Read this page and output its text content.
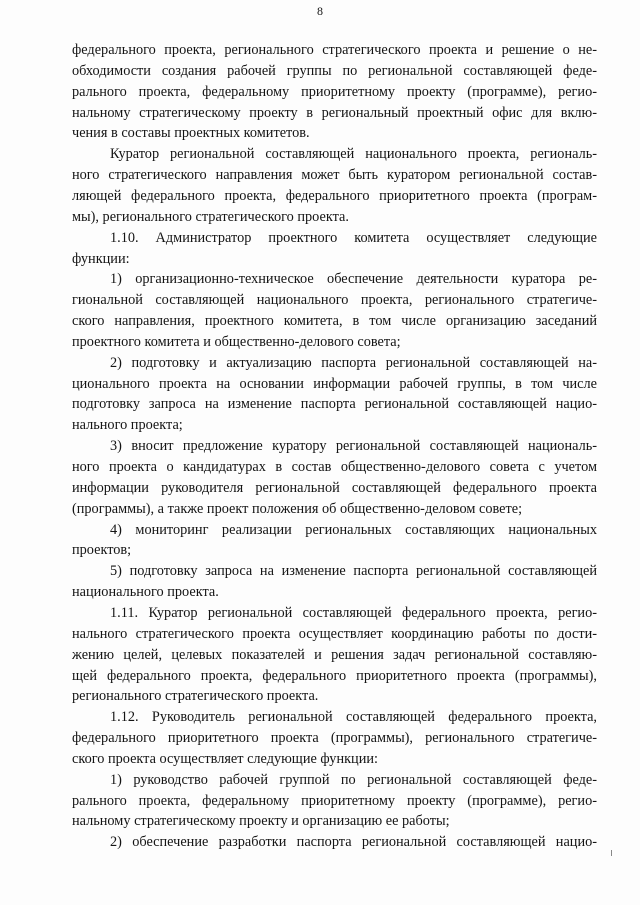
8
федерального проекта, регионального стратегического проекта и решение о не-
обходимости создания рабочей группы по региональной составляющей феде-
рального проекта, федеральному приоритетному проекту (программе), регио-
нальному стратегическому проекту в региональный проектный офис для вклю-
чения в составы проектных комитетов.
Куратор региональной составляющей национального проекта, региональ-
ного стратегического направления может быть куратором региональной состав-
ляющей федерального проекта, федерального приоритетного проекта (програм-
мы), регионального стратегического проекта.
1.10. Администратор проектного комитета осуществляет следующие
функции:
1) организационно-техническое обеспечение деятельности куратора ре-
гиональной составляющей национального проекта, регионального стратегиче-
ского направления, проектного комитета, в том числе организацию заседаний
проектного комитета и общественно-делового совета;
2) подготовку и актуализацию паспорта региональной составляющей на-
ционального проекта на основании информации рабочей группы, в том числе
подготовку запроса на изменение паспорта региональной составляющей нацио-
нального проекта;
3) вносит предложение куратору региональной составляющей националь-
ного проекта о кандидатурах в состав общественно-делового совета с учетом
информации руководителя региональной составляющей федерального проекта
(программы), а также проект положения об общественно-деловом совете;
4) мониторинг реализации региональных составляющих национальных
проектов;
5) подготовку запроса на изменение паспорта региональной составляющей
национального проекта.
1.11. Куратор региональной составляющей федерального проекта, регио-
нального стратегического проекта осуществляет координацию работы по дости-
жению целей, целевых показателей и решения задач региональной составляю-
щей федерального проекта, федерального приоритетного проекта (программы),
регионального стратегического проекта.
1.12. Руководитель региональной составляющей федерального проекта,
федерального приоритетного проекта (программы), регионального стратегиче-
ского проекта осуществляет следующие функции:
1) руководство рабочей группой по региональной составляющей феде-
рального проекта, федеральному приоритетному проекту (программе), регио-
нальному стратегическому проекту и организацию ее работы;
2) обеспечение разработки паспорта региональной составляющей нацио-
